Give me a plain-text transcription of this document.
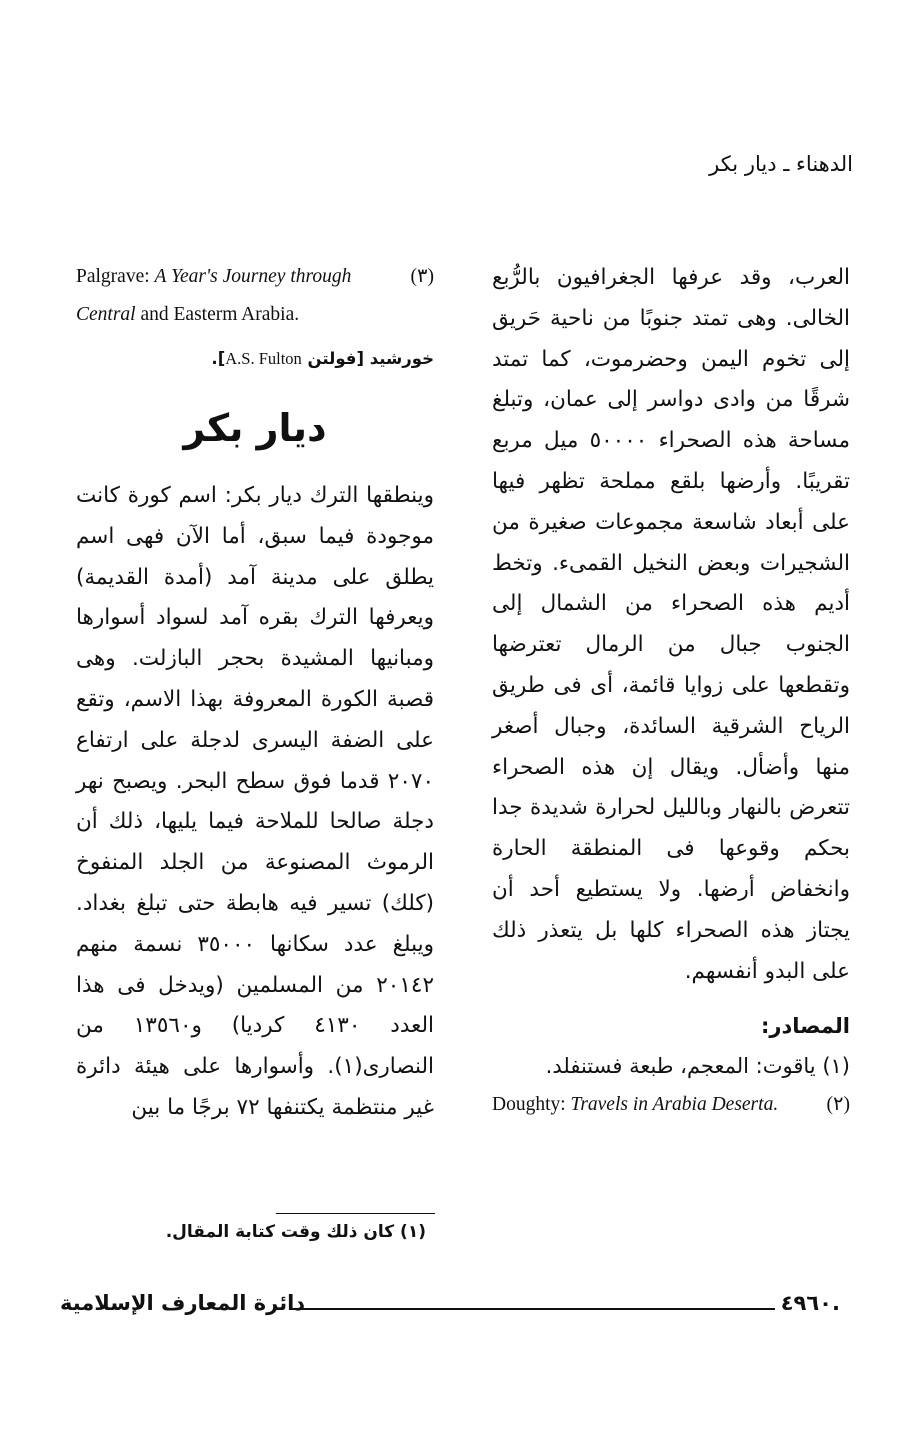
الدهناء ـ ديار بكر

العرب، وقد عرفها الجغرافيون بالرُّبع الخالى. وهى تمتد جنوبًا من ناحية حَريق إلى تخوم اليمن وحضرموت، كما تمتد شرقًا من وادى دواسر إلى عمان، وتبلغ مساحة هذه الصحراء ٥٠٠٠٠ ميل مربع تقريبًا. وأرضها بلقع مملحة تظهر فيها على أبعاد شاسعة مجموعات صغيرة من الشجيرات وبعض النخيل القمىء. وتخط أديم هذه الصحراء من الشمال إلى الجنوب جبال من الرمال تعترضها وتقطعها على زوايا قائمة، أى فى طريق الرياح الشرقية السائدة، وجبال أصغر منها وأضأل. ويقال إن هذه الصحراء تتعرض بالنهار وبالليل لحرارة شديدة جدا بحكم وقوعها فى المنطقة الحارة وانخفاض أرضها. ولا يستطيع أحد أن يجتاز هذه الصحراء كلها بل يتعذر ذلك على البدو أنفسهم.

المصادر:

(١) ياقوت: المعجم، طبعة فستنفلد.

(٢)
Doughty: Travels in Arabia Deserta.
(٣)
Palgrave: A Year's Journey through Central and Easterm Arabia.

خورشيد [فولتن A.S. Fulton].

ديار بكر

وينطقها الترك ديار بكر: اسم كورة كانت موجودة فيما سبق، أما الآن فهى اسم يطلق على مدينة آمد (أمدة القديمة) ويعرفها الترك بقره آمد لسواد أسوارها ومبانيها المشيدة بحجر البازلت. وهى قصبة الكورة المعروفة بهذا الاسم، وتقع على الضفة اليسرى لدجلة على ارتفاع ٢٠٧٠ قدما فوق سطح البحر. ويصبح نهر دجلة صالحا للملاحة فيما يليها، ذلك أن الرموث المصنوعة من الجلد المنفوخ (كلك) تسير فيه هابطة حتى تبلغ بغداد. ويبلغ عدد سكانها ٣٥٠٠٠ نسمة منهم ٢٠١٤٢ من المسلمين (ويدخل فى هذا العدد ٤١٣٠ كرديا) و١٣٥٦٠ من النصارى(١). وأسوارها على هيئة دائرة غير منتظمة يكتنفها ٧٢ برجًا ما بين

(١) كان ذلك وقت كتابة المقال.
دائرة المعارف الإسلامية	٤٩٦٠.
